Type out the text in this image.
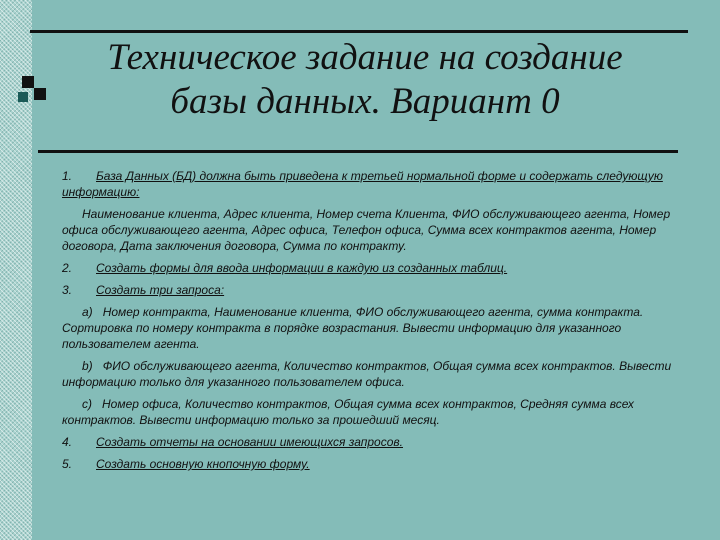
Техническое задание на создание
базы данных. Вариант 0

1. База Данных (БД) должна быть приведена к третьей нормальной форме и содержать следующую информацию:

Наименование клиента, Адрес клиента, Номер счета Клиента, ФИО обслуживающего агента, Номер офиса обслуживающего агента, Адрес офиса, Телефон офиса, Сумма всех контрактов агента, Номер договора, Дата заключения договора, Сумма по контракту.

2. Создать формы для ввода информации в каждую из созданных таблиц.

3. Создать три запроса:

a) Номер контракта, Наименование клиента, ФИО обслуживающего агента, сумма контракта. Сортировка по номеру контракта в порядке возрастания. Вывести информацию для указанного пользователем агента.

b) ФИО обслуживающего агента, Количество контрактов, Общая сумма всех контрактов. Вывести информацию только для указанного пользователем офиса.

c) Номер офиса, Количество контрактов, Общая сумма всех контрактов, Средняя сумма всех контрактов. Вывести информацию только за прошедший месяц.

4. Создать отчеты на основании имеющихся запросов.

5. Создать основную кнопочную форму.
